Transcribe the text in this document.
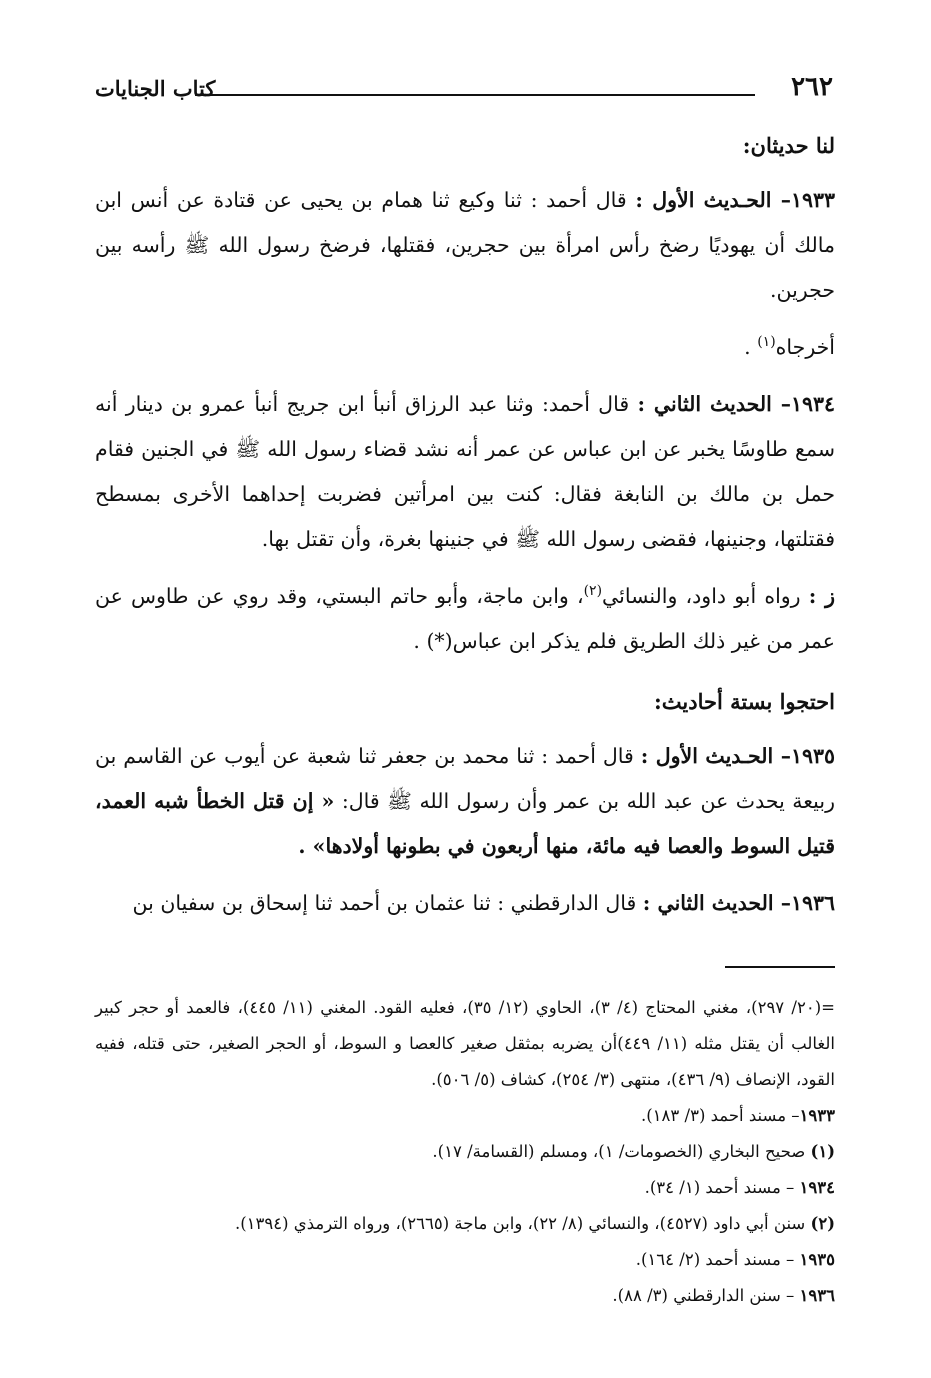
٢٦٢
كتاب الجنايات

لنا حديثان:

١٩٣٣– الحـديث الأول : قال أحمد : ثنا وكيع ثنا همام بن يحيى عن قتادة عن أنس ابن مالك أن يهوديًا رضخ رأس امرأة بين حجرين، فقتلها، فرضخ رسول الله ﷺ رأسه بين حجرين.

أخرجاه$^{(١)}$ .

١٩٣٤– الحديث الثاني : قال أحمد: وثنا عبد الرزاق أنبأ ابن جريج أنبأ عمرو بن دينار أنه سمع طاوسًا يخبر عن ابن عباس عن عمر أنه نشد قضاء رسول الله ﷺ في الجنين فقام حمل بن مالك بن النابغة فقال: كنت بين امرأتين فضربت إحداهما الأخرى بمسطح فقتلتها، وجنينها، فقضى رسول الله ﷺ في جنينها بغرة، وأن تقتل بها.

ز : رواه أبو داود، والنسائي$^{(٢)}$، وابن ماجة، وأبو حاتم البستي، وقد روي عن طاوس عن عمر من غير ذلك الطريق فلم يذكر ابن عباس(*) .

احتجوا بستة أحاديث:

١٩٣٥– الحـديث الأول : قال أحمد : ثنا محمد بن جعفر ثنا شعبة عن أيوب عن القاسم بن ربيعة يحدث عن عبد الله بن عمر وأن رسول الله ﷺ قال: « إن قتل الخطأ شبه العمد، قتيل السوط والعصا فيه مائة، منها أربعون في بطونها أولادها» .

١٩٣٦– الحديث الثاني : قال الدارقطني : ثنا عثمان بن أحمد ثنا إسحاق بن سفيان بن

=(٢٠/ ٢٩٧)، مغني المحتاج (٤/ ٣)، الحاوي (١٢/ ٣٥)، فعليه القود. المغني (١١/ ٤٤٥)، فالعمد أو حجر كبير الغالب أن يقتل مثله (١١/ ٤٤٩)أن يضربه بمثقل صغير كالعصا و السوط، أو الحجر الصغير، حتى قتله، ففيه القود، الإنصاف (٩/ ٤٣٦)، منتهى (٣/ ٢٥٤)، كشاف (٥/ ٥٠٦).

١٩٣٣– مسند أحمد (٣/ ١٨٣).

(١) صحيح البخاري (الخصومات/ ١)، ومسلم (القسامة/ ١٧).

١٩٣٤ – مسند أحمد (١/ ٣٤).

(٢) سنن أبي داود (٤٥٢٧)، والنسائي (٨/ ٢٢)، وابن ماجة (٢٦٦٥)، ورواه الترمذي (١٣٩٤).

١٩٣٥ – مسند أحمد (٢/ ١٦٤).

١٩٣٦ – سنن الدارقطني (٣/ ٨٨).
